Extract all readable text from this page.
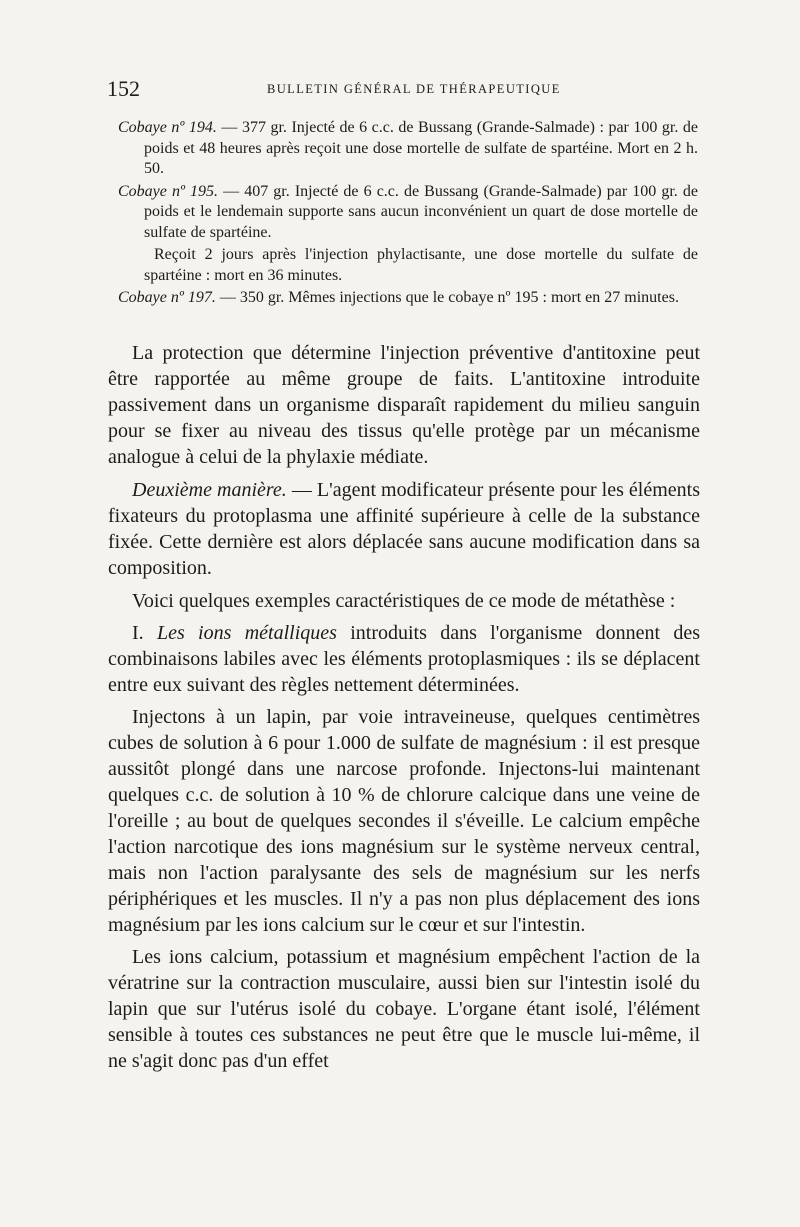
152	BULLETIN GÉNÉRAL DE THÉRAPEUTIQUE

Cobaye nº 194. — 377 gr. Injecté de 6 c.c. de Bussang (Grande-Salmade) : par 100 gr. de poids et 48 heures après reçoit une dose mortelle de sulfate de spartéine. Mort en 2 h. 50.

Cobaye nº 195. — 407 gr. Injecté de 6 c.c. de Bussang (Grande-Salmade) par 100 gr. de poids et le lendemain supporte sans aucun inconvénient un quart de dose mortelle de sulfate de spartéine.

Reçoit 2 jours après l'injection phylactisante, une dose mortelle du sulfate de spartéine : mort en 36 minutes.

Cobaye nº 197. — 350 gr. Mêmes injections que le cobaye nº 195 : mort en 27 minutes.

La protection que détermine l'injection préventive d'antitoxine peut être rapportée au même groupe de faits. L'antitoxine introduite passivement dans un organisme disparaît rapidement du milieu sanguin pour se fixer au niveau des tissus qu'elle protège par un mécanisme analogue à celui de la phylaxie médiate.

Deuxième manière. — L'agent modificateur présente pour les éléments fixateurs du protoplasma une affinité supérieure à celle de la substance fixée. Cette dernière est alors déplacée sans aucune modification dans sa composition.

Voici quelques exemples caractéristiques de ce mode de métathèse :

I. Les ions métalliques introduits dans l'organisme donnent des combinaisons labiles avec les éléments protoplasmiques : ils se déplacent entre eux suivant des règles nettement déterminées.

Injectons à un lapin, par voie intraveineuse, quelques centimètres cubes de solution à 6 pour 1.000 de sulfate de magnésium : il est presque aussitôt plongé dans une narcose profonde. Injectons-lui maintenant quelques c.c. de solution à 10 % de chlorure calcique dans une veine de l'oreille ; au bout de quelques secondes il s'éveille. Le calcium empêche l'action narcotique des ions magnésium sur le système nerveux central, mais non l'action paralysante des sels de magnésium sur les nerfs périphériques et les muscles. Il n'y a pas non plus déplacement des ions magnésium par les ions calcium sur le cœur et sur l'intestin.

Les ions calcium, potassium et magnésium empêchent l'action de la vératrine sur la contraction musculaire, aussi bien sur l'intestin isolé du lapin que sur l'utérus isolé du cobaye. L'organe étant isolé, l'élément sensible à toutes ces substances ne peut être que le muscle lui-même, il ne s'agit donc pas d'un effet
